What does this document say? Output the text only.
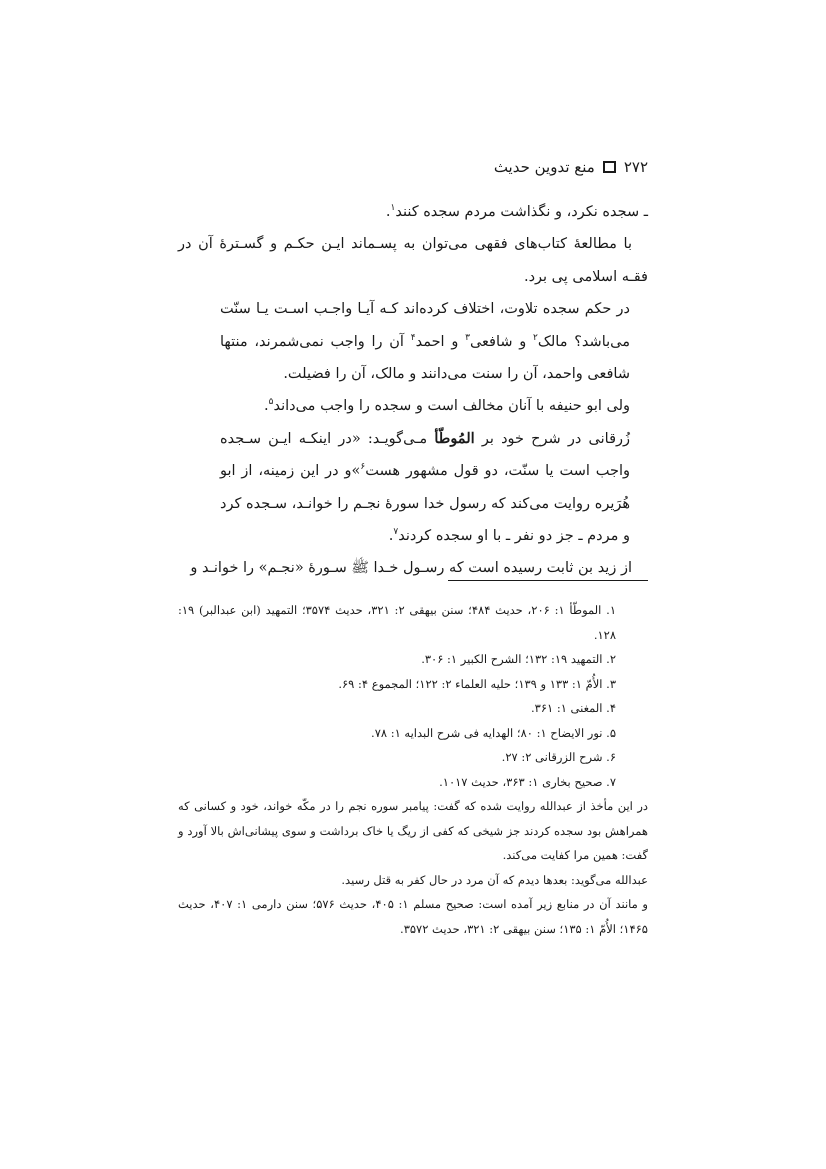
۲۷۲
منع تدوین حدیث

ـ سجده نکرد، و نگذاشت مردم سجده کنند$^۱$.

با مطالعهٔ کتاب‌های فقهی می‌توان به پسـماند ایـن حکـم و گسـترهٔ آن در فقـه اسلامی پی برد.

در حکم سجده تلاوت، اختلاف کرده‌اند کـه آیـا واجـب اسـت یـا سنّت می‌باشد؟ مالک$^۲$ و شافعی$^۳$ و احمد$^۴$ آن را واجب نمی‌شمرند، منتها شافعی واحمد، آن را سنت می‌دانند و مالک، آن را فضیلت.

ولی ابو حنیفه با آنان مخالف است و سجده را واجب می‌داند$^۵$.

زُرقانی در شرح خود بر المُوطّأ مـی‌گویـد: «در اینکـه ایـن سـجده واجب است یا سنّت، دو قول مشهور هست$^۶$»و در این زمینه، از ابو هُرَیره روایت می‌کند که رسول خدا سورهٔ نجـم را خوانـد، سـجده کرد و مردم ـ جز دو نفر ـ با او سجده کردند$^۷$.

از زید بن ثابت رسیده است که رسـول خـدا ﷺ سـورهٔ «نجـم» را خوانـد و

۱. الموطّأ ۱: ۲۰۶، حدیث ۴۸۴؛ سنن بیهقی ۲: ۳۲۱، حدیث ۳۵۷۴؛ التمهید (ابن عبدالبر) ۱۹: ۱۲۸.

۲. التمهید ۱۹: ۱۳۲؛ الشرح الکبیر ۱: ۳۰۶.

۳. الأُمّ ۱: ۱۳۳ و ۱۳۹؛ حلیه العلماء ۲: ۱۲۲؛ المجموع ۴: ۶۹.

۴. المغنی ۱: ۳۶۱.

۵. نور الایضاح ۱: ۸۰؛ الهدایه فی شرح البدایه ۱: ۷۸.

۶. شرح الزرقانی ۲: ۲۷.

۷. صحیح بخاری ۱: ۳۶۳، حدیث ۱۰۱۷.

در این مأخذ از عبدالله روایت شده که گفت: پیامبر سوره نجم را در مکّه خواند، خود و کسانی که همراهش بود سجده کردند جز شیخی که کفی از ریگ یا خاک برداشت و سوی پیشانی‌اش بالا آورد و گفت: همین مرا کفایت می‌کند.

عبدالله می‌گوید: بعدها دیدم که آن مرد در حال کفر به قتل رسید.

و مانند آن در منابع زیر آمده است: صحیح مسلم ۱: ۴۰۵، حدیث ۵۷۶؛ سنن دارمی ۱: ۴۰۷، حدیث ۱۴۶۵؛ الأُمّ ۱: ۱۳۵؛ سنن بیهقی ۲: ۳۲۱، حدیث ۳۵۷۲.
